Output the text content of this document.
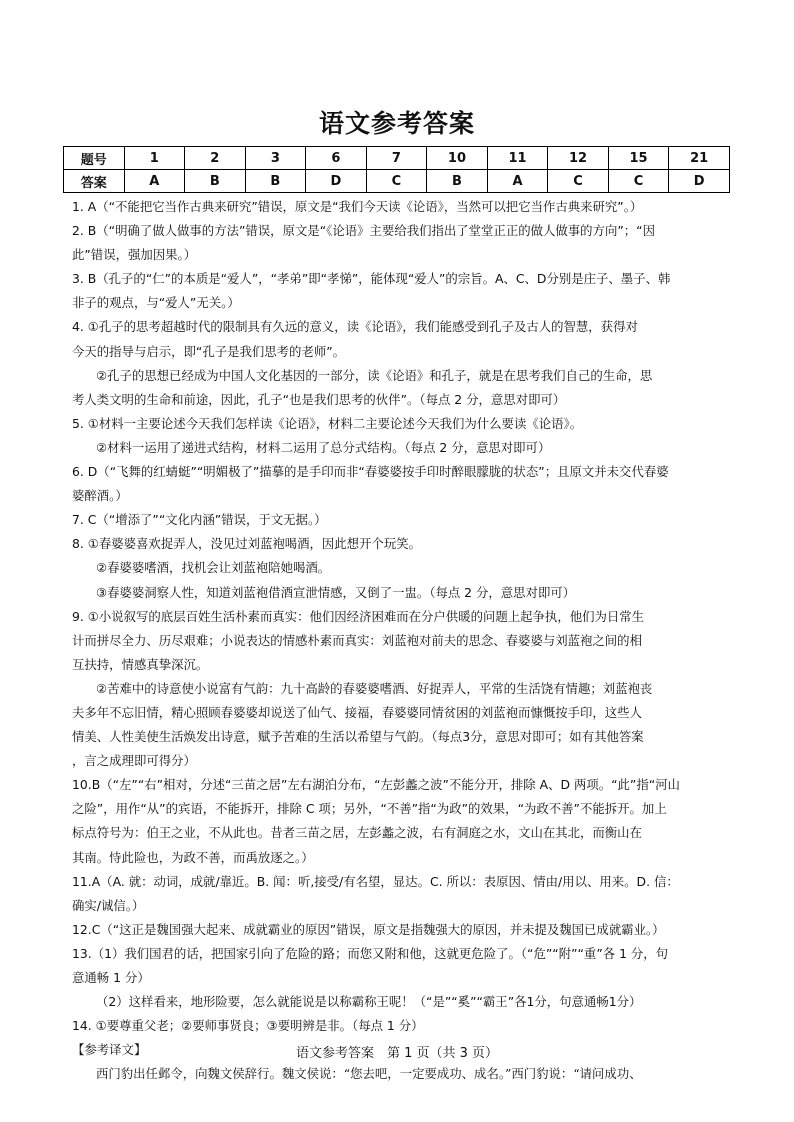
语文参考答案
题号	1	2	3	6	7	10	11	12	15	21
答案	A	B	B	D	C	B	A	C	C	D

1. A（“不能把它当作古典来研究”错误，原文是“我们今天读《论语》，当然可以把它当作古典来研究”。）

2. B（“明确了做人做事的方法”错误，原文是“《论语》主要给我们指出了堂堂正正的做人做事的方向”；“因

此”错误，强加因果。）

3. B（孔子的“仁”的本质是“爱人”，“孝弟”即“孝悌”，能体现“爱人”的宗旨。A、C、D分别是庄子、墨子、韩

非子的观点，与“爱人”无关。）

4. ①孔子的思考超越时代的限制具有久远的意义，读《论语》，我们能感受到孔子及古人的智慧，获得对

今天的指导与启示，即“孔子是我们思考的老师”。

②孔子的思想已经成为中国人文化基因的一部分，读《论语》和孔子，就是在思考我们自己的生命，思

考人类文明的生命和前途，因此，孔子“也是我们思考的伙伴”。（每点 2 分，意思对即可）

5. ①材料一主要论述今天我们怎样读《论语》，材料二主要论述今天我们为什么要读《论语》。

②材料一运用了递进式结构，材料二运用了总分式结构。（每点 2 分，意思对即可）

6. D（“飞舞的红蜻蜓”“明媚极了”描摹的是手印而非“春婆婆按手印时醉眼朦胧的状态”；且原文并未交代春婆

婆醉酒。）

7. C（“增添了”“文化内涵”错误，于文无据。）

8. ①春婆婆喜欢捉弄人，没见过刘蓝袍喝酒，因此想开个玩笑。

②春婆婆嗜酒，找机会让刘蓝袍陪她喝酒。

③春婆婆洞察人性，知道刘蓝袍借酒宣泄情感，又倒了一盅。（每点 2 分，意思对即可）

9. ①小说叙写的底层百姓生活朴素而真实：他们因经济困难而在分户供暖的问题上起争执，他们为日常生

计而拼尽全力、历尽艰难；小说表达的情感朴素而真实：刘蓝袍对前夫的思念、春婆婆与刘蓝袍之间的相

互扶持，情感真挚深沉。

②苦难中的诗意使小说富有气韵：九十高龄的春婆婆嗜酒、好捉弄人，平常的生活饶有情趣；刘蓝袍丧

夫多年不忘旧情，精心照顾春婆婆却说送了仙气、接福，春婆婆同情贫困的刘蓝袍而慷慨按手印，这些人

情美、人性美使生活焕发出诗意，赋予苦难的生活以希望与气韵。（每点3分，意思对即可；如有其他答案

，言之成理即可得分）

10.B（“左”“右”相对，分述“三苗之居”左右湖泊分布，“左彭蠡之波”不能分开，排除 A、D 两项。“此”指“河山

之险”，用作“从”的宾语，不能拆开，排除 C 项；另外，“不善”指“为政”的效果，“为政不善”不能拆开。加上

标点符号为：伯王之业，不从此也。昔者三苗之居，左彭蠡之波，右有洞庭之水，文山在其北，而衡山在

其南。恃此险也，为政不善，而禹放逐之。）

11.A（A. 就：动词，成就/靠近。B. 闻：听,接受/有名望，显达。C. 所以：表原因、情由/用以、用来。D. 信：

确实/诚信。）

12.C（“这正是魏国强大起来、成就霸业的原因”错误，原文是指魏强大的原因，并未提及魏国已成就霸业。）

13.（1）我们国君的话，把国家引向了危险的路；而您又附和他，这就更危险了。（“危”“附”“重”各 1 分，句

意通畅 1 分）

（2）这样看来，地形险要，怎么就能说是以称霸称王呢！（“是”“奚”“霸王”各1分，句意通畅1分）

14. ①要尊重父老；②要师事贤良；③要明辨是非。（每点 1 分）

【参考译文】

西门豹出任邺令，向魏文侯辞行。魏文侯说：“您去吧，一定要成功、成名。”西门豹说：“请问成功、

语文参考答案　第 1 页（共 3 页）
